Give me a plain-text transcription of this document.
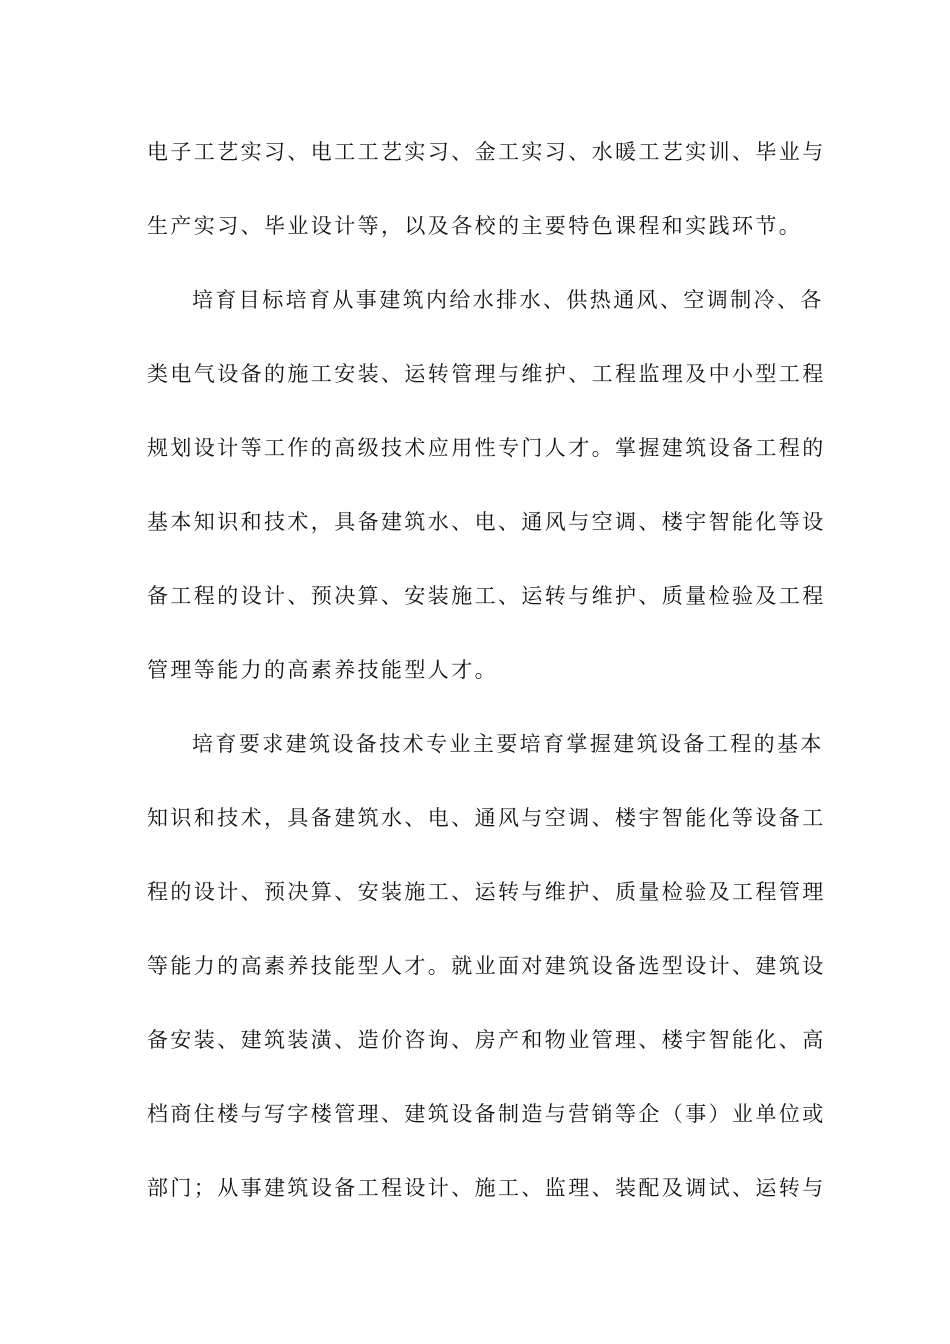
电子工艺实习、电工工艺实习、金工实习、水暖工艺实训、毕业与
生产实习、毕业设计等，以及各校的主要特色课程和实践环节。
培育目标培育从事建筑内给水排水、供热通风、空调制冷、各
类电气设备的施工安装、运转管理与维护、工程监理及中小型工程
规划设计等工作的高级技术应用性专门人才。掌握建筑设备工程的
基本知识和技术，具备建筑水、电、通风与空调、楼宇智能化等设
备工程的设计、预决算、安装施工、运转与维护、质量检验及工程
管理等能力的高素养技能型人才。
培育要求建筑设备技术专业主要培育掌握建筑设备工程的基本
知识和技术，具备建筑水、电、通风与空调、楼宇智能化等设备工
程的设计、预决算、安装施工、运转与维护、质量检验及工程管理
等能力的高素养技能型人才。就业面对建筑设备选型设计、建筑设
备安装、建筑装潢、造价咨询、房产和物业管理、楼宇智能化、高
档商住楼与写字楼管理、建筑设备制造与营销等企（事）业单位或
部门；从事建筑设备工程设计、施工、监理、装配及调试、运转与
